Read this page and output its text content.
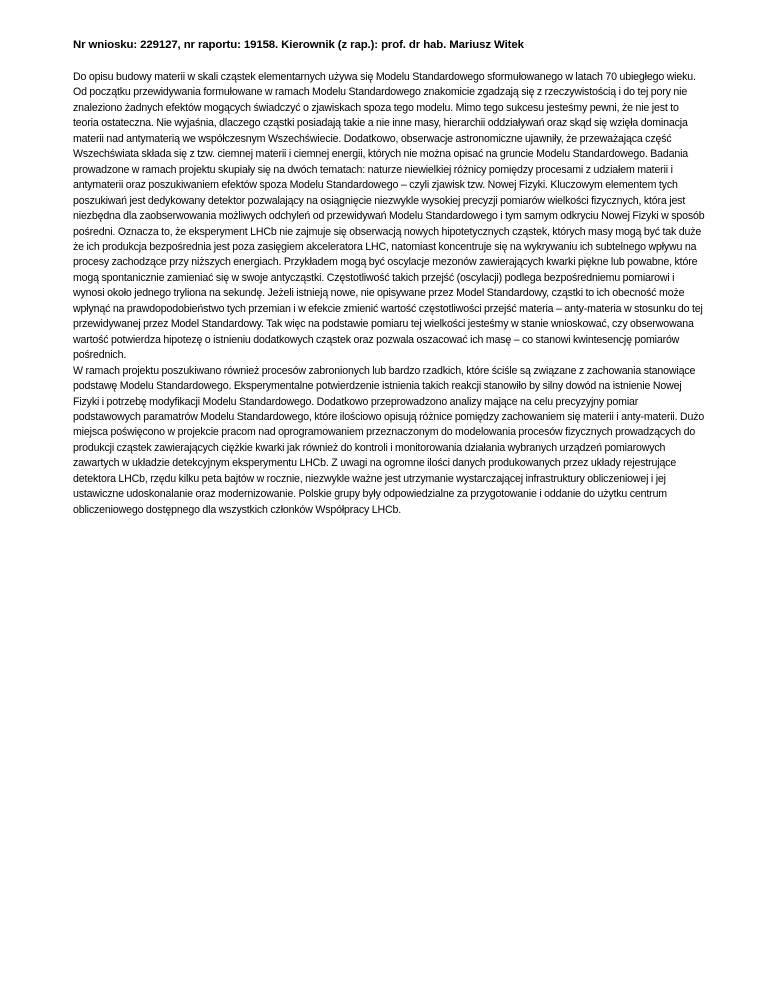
Nr wniosku: 229127, nr raportu: 19158. Kierownik (z rap.): prof. dr hab. Mariusz Witek

Do opisu budowy materii w skali cząstek elementarnych używa się Modelu Standardowego sformułowanego w latach 70 ubiegłego wieku. Od początku przewidywania formułowane w ramach Modelu Standardowego znakomicie zgadzają się z rzeczywistością i do tej pory nie znaleziono żadnych efektów mogących świadczyć o zjawiskach spoza tego modelu. Mimo tego sukcesu jesteśmy pewni, że nie jest to teoria ostateczna. Nie wyjaśnia, dlaczego cząstki posiadają takie a nie inne masy, hierarchii oddziaływań oraz skąd się wzięła dominacja materii nad antymaterią we współczesnym Wszechświecie. Dodatkowo, obserwacje astronomiczne ujawniły, że przeważająca część Wszechświata składa się z tzw. ciemnej materii i ciemnej energii, których nie można opisać na gruncie Modelu Standardowego. Badania prowadzone w ramach projektu skupiały się na dwóch tematach: naturze niewielkiej różnicy pomiędzy procesami z udziałem materii i antymaterii oraz poszukiwaniem efektów spoza Modelu Standardowego – czyli zjawisk tzw. Nowej Fizyki. Kluczowym elementem tych poszukiwań jest dedykowany detektor pozwalający na osiągnięcie niezwykle wysokiej precyzji pomiarów wielkości fizycznych, która jest niezbędna dla zaobserwowania możliwych odchyleń od przewidywań Modelu Standardowego i tym samym odkryciu Nowej Fizyki w sposób pośredni. Oznacza to, że eksperyment LHCb nie zajmuje się obserwacją nowych hipotetycznych cząstek, których masy mogą być tak duże że ich produkcja bezpośrednia jest poza zasięgiem akceleratora LHC, natomiast koncentruje się na wykrywaniu ich subtelnego wpływu na procesy zachodzące przy niższych energiach. Przykładem mogą być oscylacje mezonów zawierających kwarki piękne lub powabne, które mogą spontanicznie zamieniać się w swoje antycząstki. Częstotliwość takich przejść (oscylacji) podlega bezpośredniemu pomiarowi i wynosi około jednego tryliona na sekundę. Jeżeli istnieją nowe, nie opisywane przez Model Standardowy, cząstki to ich obecność może wpłynąć na prawdopodobieństwo tych przemian i w efekcie zmienić wartość częstotliwości przejść materia – anty-materia w stosunku do tej przewidywanej przez Model Standardowy. Tak więc na podstawie pomiaru tej wielkości jesteśmy w stanie wnioskować, czy obserwowana wartość potwierdza hipotezę o istnieniu dodatkowych cząstek oraz pozwala oszacować ich masę – co stanowi kwintesencję pomiarów pośrednich.

W ramach projektu poszukiwano również procesów zabronionych lub bardzo rzadkich, które ściśle są związane z zachowania stanowiące podstawę Modelu Standardowego. Eksperymentalne potwierdzenie istnienia takich reakcji stanowiło by silny dowód na istnienie Nowej Fizyki i potrzebę modyfikacji Modelu Standardowego. Dodatkowo przeprowadzono analizy mające na celu precyzyjny pomiar podstawowych paramatrów Modelu Standardowego, które ilościowo opisują różnice pomiędzy zachowaniem się materii i anty-materii. Dużo miejsca poświęcono w projekcie pracom nad oprogramowaniem przeznaczonym do modelowania procesów fizycznych prowadzących do produkcji cząstek zawierających ciężkie kwarki jak również do kontroli i monitorowania działania wybranych urządzeń pomiarowych zawartych w układzie detekcyjnym eksperymentu LHCb. Z uwagi na ogromne ilości danych produkowanych przez układy rejestrujące detektora LHCb, rzędu kilku peta bajtów w rocznie, niezwykle ważne jest utrzymanie wystarczającej infrastruktury obliczeniowej i jej ustawiczne udoskonalanie oraz modernizowanie. Polskie grupy były odpowiedzialne za przygotowanie i oddanie do użytku centrum obliczeniowego dostępnego dla wszystkich członków Współpracy LHCb.
